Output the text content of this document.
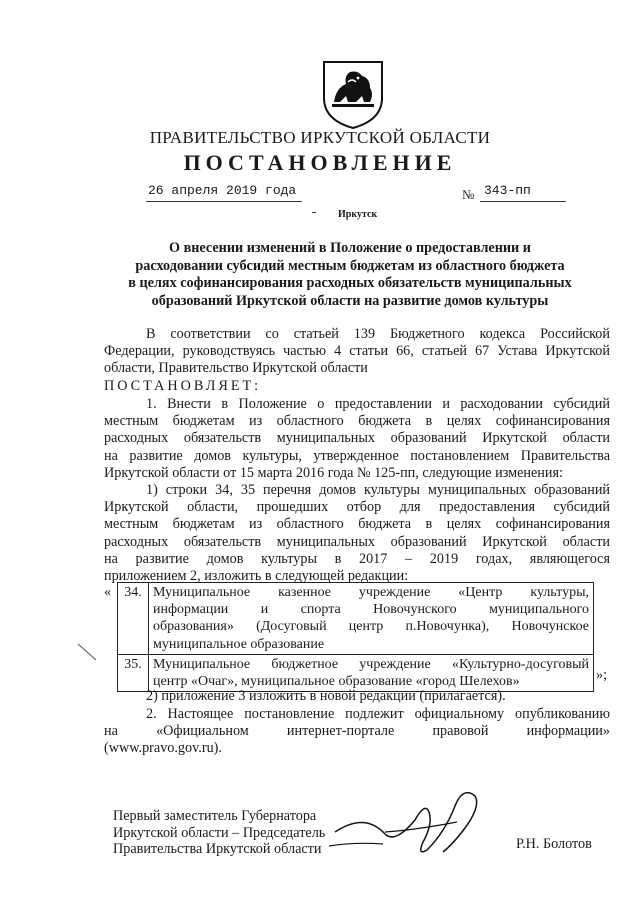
ПРАВИТЕЛЬСТВО ИРКУТСКОЙ ОБЛАСТИ
ПОСТАНОВЛЕНИЕ
26 апреля 2019 года	№ 343-пп
Иркутск
О внесении изменений в Положение о предоставлении и
расходовании субсидий местным бюджетам из областного бюджета
в целях софинансирования расходных обязательств муниципальных
образований Иркутской области на развитие домов культуры
В соответствии со статьей 139 Бюджетного кодекса Российской
Федерации, руководствуясь частью 4 статьи 66, статьей 67 Устава Иркутской
области, Правительство Иркутской области
ПОСТАНОВЛЯЕТ:
1. Внести в Положение о предоставлении и расходовании субсидий
местным бюджетам из областного бюджета в целях софинансирования
расходных обязательств муниципальных образований Иркутской области
на развитие домов культуры, утвержденное постановлением Правительства
Иркутской области от 15 марта 2016 года № 125-пп, следующие изменения:
1) строки 34, 35 перечня домов культуры муниципальных образований
Иркутской области, прошедших отбор для предоставления субсидий
местным бюджетам из областного бюджета в целях софинансирования
расходных обязательств муниципальных образований Иркутской области
на развитие домов культуры в 2017 – 2019 годах, являющегося
приложением 2, изложить в следующей редакции:
« 34.	Муниципальное казенное учреждение «Центр культуры,
информации и спорта Новочунского муниципального
образования» (Досуговый центр п.Новочунка), Новочунское
муниципальное образование

35.	Муниципальное бюджетное учреждение «Культурно-досуговый
центр «Очаг», муниципальное образование «город Шелехов»	»;
2) приложение 3 изложить в новой редакции (прилагается).
2. Настоящее постановление подлежит официальному опубликованию
на «Официальном интернет-портале правовой информации»
(www.pravo.gov.ru).
Первый заместитель Губернатора
Иркутской области – Председатель
Правительства Иркутской области	Р.Н. Болотов
